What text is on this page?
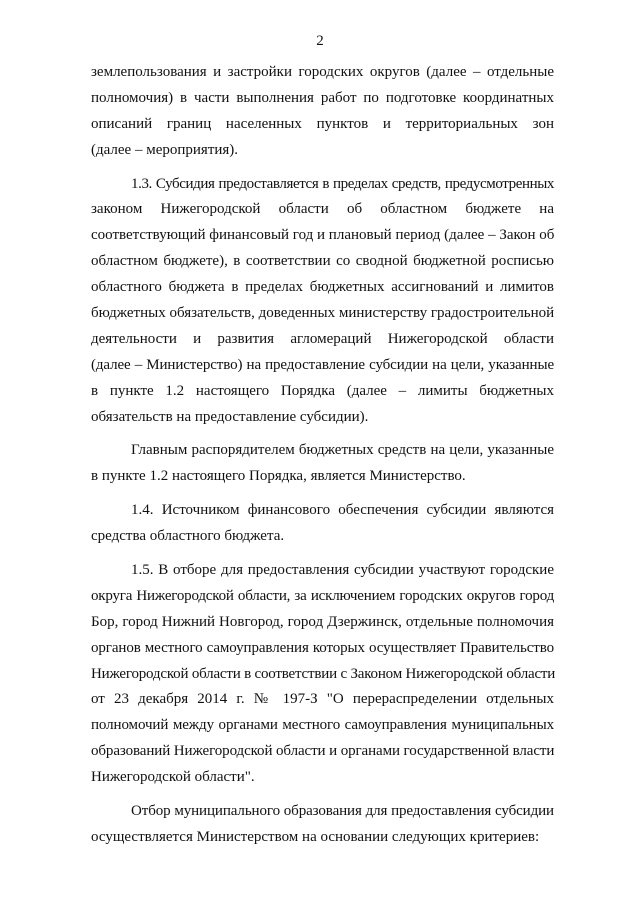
2
землепользования и застройки городских округов (далее – отдельные
полномочия) в части выполнения работ по подготовке координатных
описаний границ населенных пунктов и территориальных зон
(далее – мероприятия).
1.3. Субсидия предоставляется в пределах средств, предусмотренных
законом Нижегородской области об областном бюджете на
соответствующий финансовый год и плановый период (далее – Закон об
областном бюджете), в соответствии со сводной бюджетной росписью
областного бюджета в пределах бюджетных ассигнований и лимитов
бюджетных обязательств, доведенных министерству градостроительной
деятельности и развития агломераций Нижегородской области
(далее – Министерство) на предоставление субсидии на цели, указанные
в пункте 1.2 настоящего Порядка (далее – лимиты бюджетных
обязательств на предоставление субсидии).
Главным распорядителем бюджетных средств на цели, указанные
в пункте 1.2 настоящего Порядка, является Министерство.
1.4. Источником финансового обеспечения субсидии являются
средства областного бюджета.
1.5. В отборе для предоставления субсидии участвуют городские
округа Нижегородской области, за исключением городских округов город
Бор, город Нижний Новгород, город Дзержинск, отдельные полномочия
органов местного самоуправления которых осуществляет Правительство
Нижегородской области в соответствии с Законом Нижегородской области
от 23 декабря 2014 г. № 197-З "О перераспределении отдельных
полномочий между органами местного самоуправления муниципальных
образований Нижегородской области и органами государственной власти
Нижегородской области".
Отбор муниципального образования для предоставления субсидии
осуществляется Министерством на основании следующих критериев:
